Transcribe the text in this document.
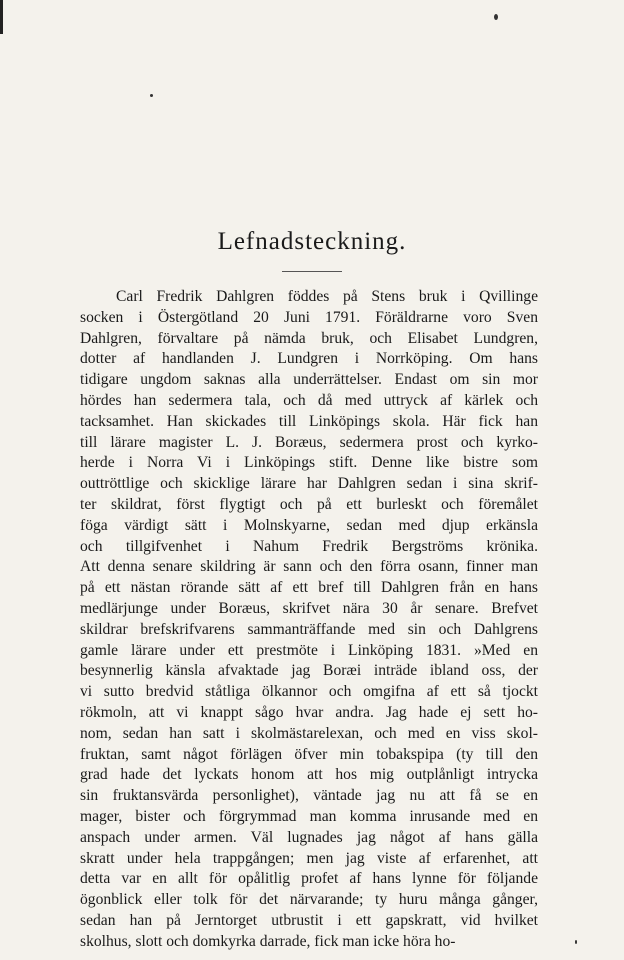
Lefnadsteckning.
Carl Fredrik Dahlgren föddes på Stens bruk i Qvillinge
socken i Östergötland 20 Juni 1791. Föräldrarne voro Sven
Dahlgren, förvaltare på nämda bruk, och Elisabet Lundgren,
dotter af handlanden J. Lundgren i Norrköping. Om hans
tidigare ungdom saknas alla underrättelser. Endast om sin mor
hördes han sedermera tala, och då med uttryck af kärlek och
tacksamhet. Han skickades till Linköpings skola. Här fick han
till lärare magister L. J. Boræus, sedermera prost och kyrko-
herde i Norra Vi i Linköpings stift. Denne like bistre som
outtröttlige och skicklige lärare har Dahlgren sedan i sina skrif-
ter skildrat, först flygtigt och på ett burleskt och föremålet
föga värdigt sätt i Molnskyarne, sedan med djup erkänsla
och tillgifvenhet i Nahum Fredrik Bergströms krönika.
Att denna senare skildring är sann och den förra osann, finner man
på ett nästan rörande sätt af ett bref till Dahlgren från en hans
medlärjunge under Boræus, skrifvet nära 30 år senare. Brefvet
skildrar brefskrifvarens sammanträffande med sin och Dahlgrens
gamle lärare under ett prestmöte i Linköping 1831. »Med en
besynnerlig känsla afvaktade jag Boræi inträde ibland oss, der
vi sutto bredvid ståtliga ölkannor och omgifna af ett så tjockt
rökmoln, att vi knappt sågo hvar andra. Jag hade ej sett ho-
nom, sedan han satt i skolmästarelexan, och med en viss skol-
fruktan, samt något förlägen öfver min tobakspipa (ty till den
grad hade det lyckats honom att hos mig outplånligt intrycka
sin fruktansvärda personlighet), väntade jag nu att få se en
mager, bister och förgrymmad man komma inrusande med en
anspach under armen. Väl lugnades jag något af hans gälla
skratt under hela trappgången; men jag viste af erfarenhet, att
detta var en allt för opålitlig profet af hans lynne för följande
ögonblick eller tolk för det närvarande; ty huru många gånger,
sedan han på Jerntorget utbrustit i ett gapskratt, vid hvilket
skolhus, slott och domkyrka darrade, fick man icke höra ho-
